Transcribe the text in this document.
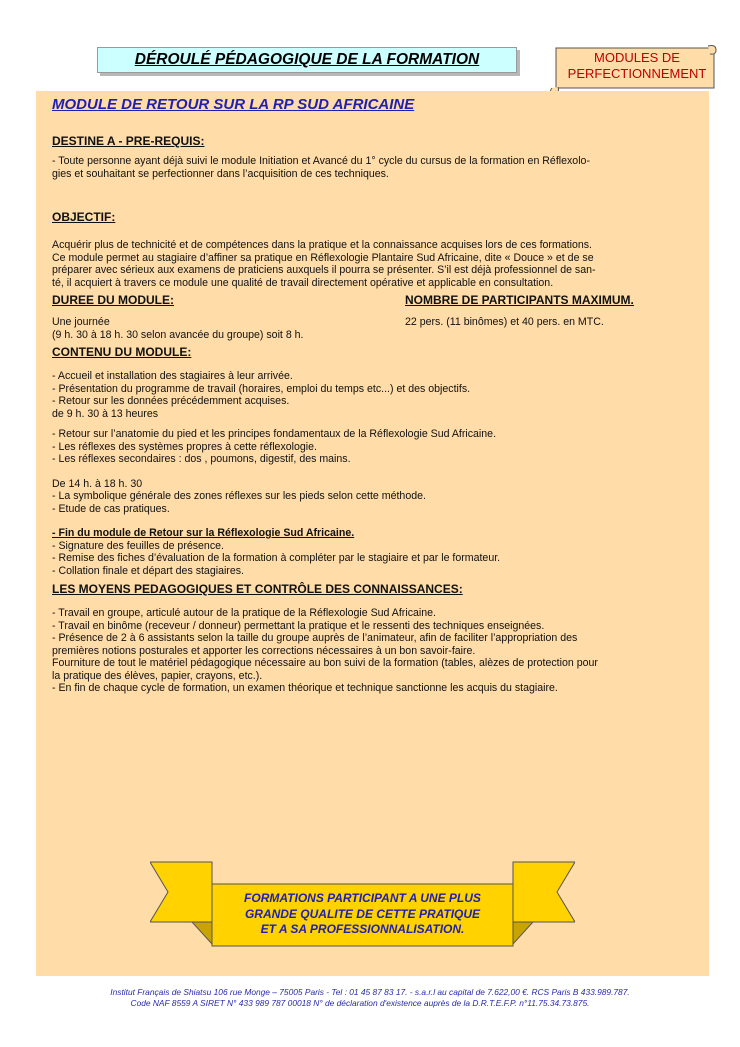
DÉROULÉ PÉDAGOGIQUE DE LA FORMATION	MODULES DE
PERFECTIONNEMENT
MODULE DE RETOUR SUR LA RP SUD AFRICAINE
DESTINE A - PRE-REQUIS:

- Toute personne ayant déjà suivi le module Initiation et Avancé du 1° cycle du cursus de la formation en Réflexolo-

gies et souhaitant se perfectionner dans l’acquisition de ces techniques.

OBJECTIF:

Acquérir plus de technicité et de compétences dans la pratique et la connaissance acquises lors de ces formations.

Ce module permet au stagiaire d’affiner sa pratique en Réflexologie Plantaire Sud Africaine, dite « Douce » et de se

préparer avec sérieux aux examens de praticiens auxquels il pourra se présenter. S’il est déjà professionnel de san-

té, il acquiert à travers ce module une qualité de travail directement opérative et applicable en consultation.

DUREE DU MODULE:

Une journée

(9 h. 30 à 18 h. 30 selon avancée du groupe) soit 8 h.

NOMBRE DE PARTICIPANTS MAXIMUM.

22 pers. (11 binômes) et 40 pers. en MTC.

CONTENU DU MODULE:

- Accueil et installation des stagiaires à leur arrivée.

- Présentation du programme de travail (horaires, emploi du temps etc...) et des objectifs.

- Retour sur les données précédemment acquises.

de 9 h. 30 à 13 heures

- Retour sur l’anatomie du pied et les principes fondamentaux de la Réflexologie Sud Africaine.

- Les réflexes des systèmes propres à cette réflexologie.

- Les réflexes secondaires : dos , poumons, digestif, des mains.

De 14 h. à 18 h. 30

- La symbolique générale des zones réflexes sur les pieds selon cette méthode.

- Etude de cas pratiques.

- Fin du module de Retour sur la Réflexologie Sud Africaine.

- Signature des feuilles de présence.

- Remise des fiches d’évaluation de la formation à compléter par le stagiaire et par le formateur.

- Collation finale et départ des stagiaires.

LES MOYENS PEDAGOGIQUES ET CONTRÔLE DES CONNAISSANCES:

- Travail en groupe, articulé autour de la pratique de la Réflexologie Sud Africaine.

- Travail en binôme (receveur / donneur) permettant la pratique et le ressenti des techniques enseignées.

- Présence de 2 à 6 assistants selon la taille du groupe auprès de l’animateur, afin de faciliter l’appropriation des

premières notions posturales et apporter les corrections nécessaires à un bon savoir-faire.

Fourniture de tout le matériel pédagogique nécessaire au bon suivi de la formation (tables, alèzes de protection pour

la pratique des élèves, papier, crayons, etc.).

- En fin de chaque cycle de formation, un examen théorique et technique sanctionne les acquis du stagiaire.

FORMATIONS PARTICIPANT A UNE PLUS
GRANDE QUALITE DE CETTE PRATIQUE
ET A SA PROFESSIONNALISATION.
Institut Français de Shiatsu 106 rue Monge – 75005 Paris - Tel : 01 45 87 83 17. - s.a.r.l au capital de 7.622,00 €. RCS Paris B 433.989.787.
Code NAF 8559 A SIRET N° 433 989 787 00018 N° de déclaration d'existence auprès de la D.R.T.E.F.P. n°11.75.34.73.875.
